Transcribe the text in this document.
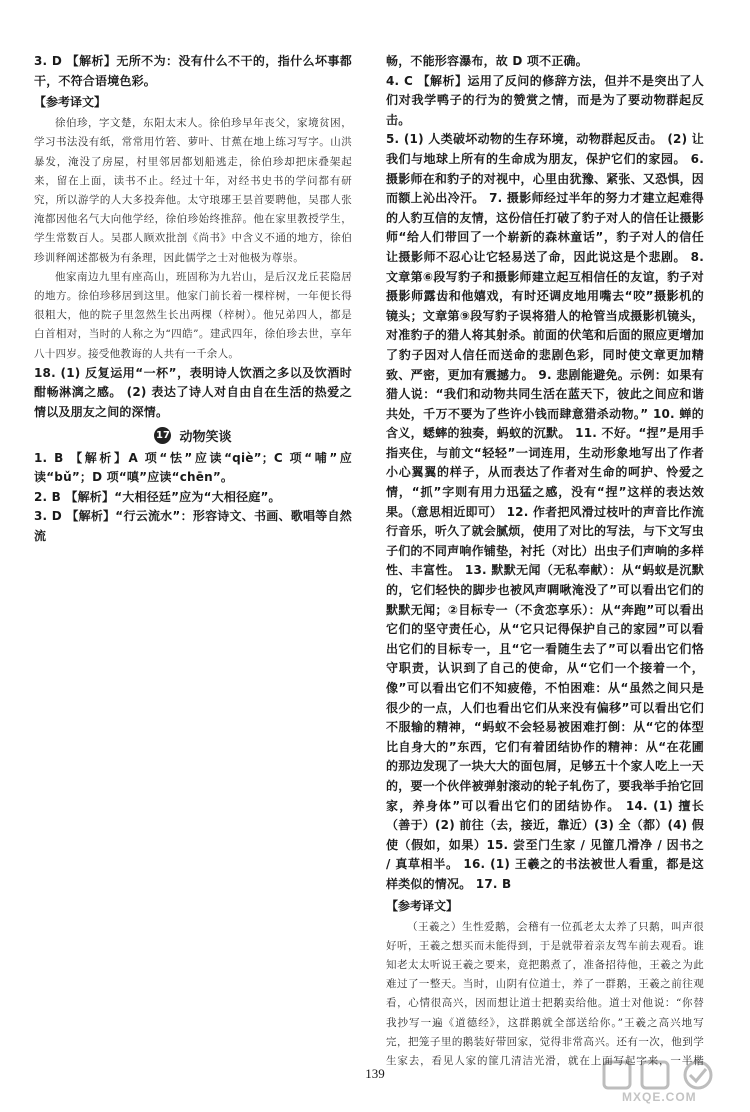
3. D 【解析】无所不为：没有什么不干的，指什么坏事都干，不符合语境色彩。

【参考译文】

徐伯珍，字文楚，东阳太末人。徐伯珍早年丧父，家境贫困，学习书法没有纸，常常用竹箬、萝叶、甘蕉在地上练习写字。山洪暴发，淹没了房屋，村里邻居都划船逃走，徐伯珍却把床叠架起来，留在上面，读书不止。经过十年，对经书史书的学问都有研究，所以游学的人大多投奔他。太守琅琊王昙首要聘他，吴郡人张淹都因他名气大向他学经，徐伯珍始终推辞。他在家里教授学生，学生常数百人。吴郡人顾欢批剖《尚书》中含义不通的地方，徐伯珍训释阐述都极为有条理，因此儒学之士对他极为尊崇。

他家南边九里有座高山，班固称为九岩山，是后汉龙丘苌隐居的地方。徐伯珍移居到这里。他家门前长着一棵梓树，一年便长得很粗大，他的院子里忽然生长出两棵（梓树）。他兄弟四人，都是白首相对，当时的人称之为“四皓”。建武四年，徐伯珍去世，享年八十四岁。接受他教诲的人共有一千余人。

18. (1) 反复运用“一杯”，表明诗人饮酒之多以及饮酒时酣畅淋漓之感。 (2) 表达了诗人对自由自在生活的热爱之情以及朋友之间的深情。

17 动物笑谈

1. B 【解析】A 项“怯”应读“qiè”；C 项“哺”应读“bǔ”；D 项“嗔”应读“chēn”。

2. B 【解析】“大相径廷”应为“大相径庭”。

3. D 【解析】“行云流水”：形容诗文、书画、歌唱等自然流

畅，不能形容瀑布，故 D 项不正确。

4. C 【解析】运用了反问的修辞方法，但并不是突出了人们对我学鸭子的行为的赞赏之情，而是为了要动物群起反击。

5. (1) 人类破坏动物的生存环境，动物群起反击。 (2) 让我们与地球上所有的生命成为朋友，保护它们的家园。 6. 摄影师在和豹子的对视中，心里由犹豫、紧张、又恐惧，因而额上沁出冷汗。 7. 摄影师经过半年的努力才建立起难得的人豹互信的友情，这份信任打破了豹子对人的信任让摄影师“给人们带回了一个崭新的森林童话”，豹子对人的信任让摄影师不忍心让它轻易送了命，因此说这是个悲剧。 8. 文章第⑥段写豹子和摄影师建立起互相信任的友谊，豹子对摄影师露齿和他嬉戏，有时还调皮地用嘴去“咬”摄影机的镜头；文章第⑨段写豹子误将猎人的枪管当成摄影机镜头，对准豹子的猎人将其射杀。前面的伏笔和后面的照应更增加了豹子因对人信任而送命的悲剧色彩，同时使文章更加精致、严密，更加有震撼力。 9. 悲剧能避免。示例：如果有猎人说：“我们和动物共同生活在蓝天下，彼此之间应和谐共处，千万不要为了些许小钱而肆意猎杀动物。” 10. 蝉的含义，蟋蟀的独奏，蚂蚁的沉默。 11. 不好。“捏”是用手指夹住，与前文“轻轻”一词连用，生动形象地写出了作者小心翼翼的样子，从而表达了作者对生命的呵护、怜爱之情，“抓”字则有用力迅猛之感，没有“捏”这样的表达效果。（意思相近即可） 12. 作者把风滑过枝叶的声音比作流行音乐，听久了就会腻烦，使用了对比的写法，与下文写虫子们的不同声响作铺垫，衬托（对比）出虫子们声响的多样性、丰富性。 13. 默默无闻（无私奉献）：从“蚂蚁是沉默的，它们轻快的脚步也被风声啁啾淹没了”可以看出它们的默默无闻；②目标专一（不贪恋享乐）：从“奔跑”可以看出它们的坚守责任心，从“它只记得保护自己的家园”可以看出它们的目标专一，且“它一看随生去了”可以看出它们恪守职责，认识到了自己的使命，从“它们一个接着一个，像”可以看出它们不知疲倦，不怕困难：从“虽然之间只是很少的一点，人们也看出它们从来没有偏移”可以看出它们不服输的精神，“蚂蚁不会轻易被困难打倒：从“它的体型比自身大的”东西，它们有着团结协作的精神：从“在花圃的那边发现了一块大大的面包屑，足够五十个家人吃上一天的，要一个伙伴被弹射滚动的轮子轧伤了，要我举手抬它回家，养身体”可以看出它们的团结协作。 14. (1) 擅长（善于）(2) 前往（去，接近，靠近）(3) 全（都）(4) 假使（假如，如果）15. 尝至门生家 / 见篚几滑净 / 因书之 / 真草相半。 16. (1) 王羲之的书法被世人看重，都是这样类似的情况。 17. B

【参考译文】

（王羲之）生性爱鹅，会稽有一位孤老太太养了只鹅，叫声很好听，王羲之想买而未能得到，于是就带着亲友驾车前去观看。谁知老太太听说王羲之要来，竟把鹅煮了，准备招待他，王羲之为此难过了一整天。当时，山阴有位道士，养了一群鹅，王羲之前往观看，心情很高兴，因而想让道士把鹅卖给他。道士对他说：“你替我抄写一遍《道德经》，这群鹅就全部送给你。”王羲之高兴地写完，把笼子里的鹅装好带回家，觉得非常高兴。还有一次，他到学生家去，看见人家的篚几清洁光滑，就在上面写起字来，一半楷

139
MXQE.COM
